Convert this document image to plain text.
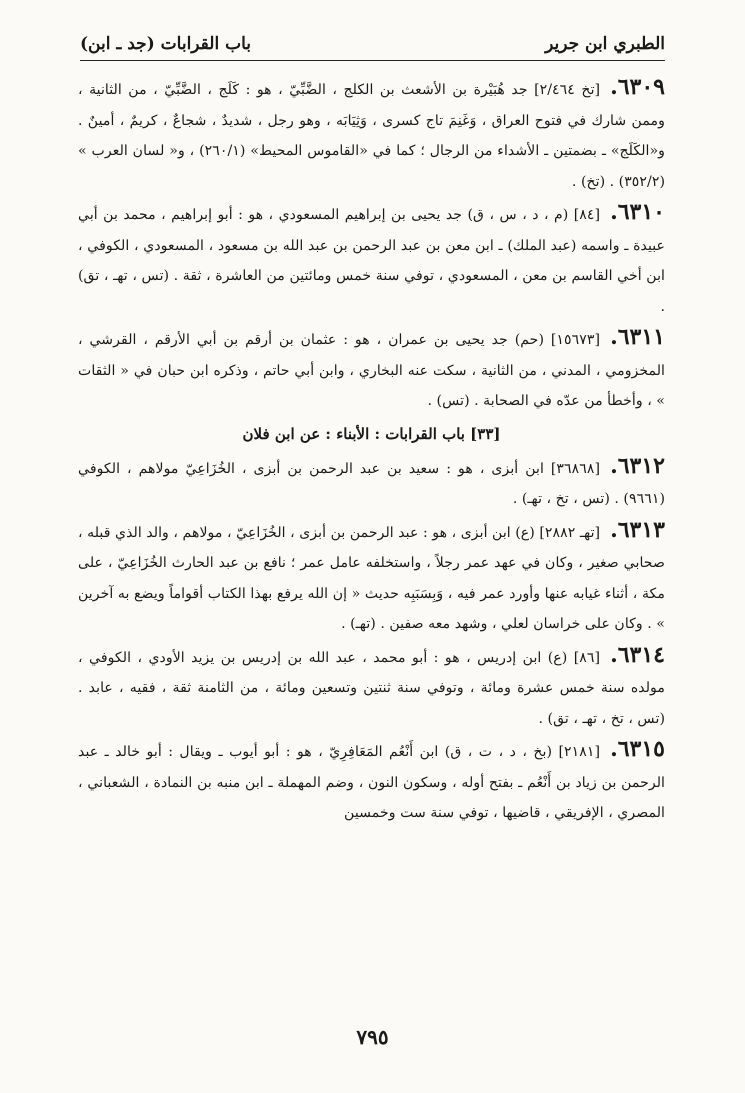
الطبري ابن جرير
باب القرابات (جد ـ ابن)

٦٣٠٩.[تخ ٢/٤٦٤] جد هُبَيْرة بن الأشعث بن الكلج ، الضَّبِّيّ ، هو : كَلَج ، الضَّبِّيّ ، من الثانية ، وممن شارك في فتوح العراق ، وَغَنِمَ تاج كسرى ، وَثِيَابَه ، وهو رجل ، شديدٌ ، شجاعٌ ، كريمٌ ، أمينٌ . و«الكَلَج» ـ بضمتين ـ الأشداء من الرجال ؛ كما في «القاموس المحيط» (٢٦٠/١) ، و« لسان العرب » (٣٥٢/٢) . (تخ) .

٦٣١٠.[٨٤] (م ، د ، س ، ق) جد يحيى بن إبراهيم المسعودي ، هو : أبو إبراهيم ، محمد بن أبي عبيدة ـ واسمه (عبد الملك) ـ ابن معن بن عبد الرحمن بن عبد الله بن مسعود ، المسعودي ، الكوفي ، ابن أخي القاسم بن معن ، المسعودي ، توفي سنة خمس ومائتين من العاشرة ، ثقة . (تس ، تهـ ، تق) .

٦٣١١.[١٥٦٧٣] (حم) جد يحيى بن عمران ، هو : عثمان بن أرقم بن أبي الأرقم ، القرشي ، المخزومي ، المدني ، من الثانية ، سكت عنه البخاري ، وابن أبي حاتم ، وذكره ابن حبان في « الثقات » ، وأخطأ من عدّه في الصحابة . (تس) .

[٣٣] باب القرابات : الأبناء : عن ابن فلان

٦٣١٢.[٣٦٨٦٨] ابن أبزى ، هو : سعيد بن عبد الرحمن بن أبزى ، الخُزَاعِيّ مولاهم ، الكوفي (٩٦٦١) . (تس ، تخ ، تهـ) .

٦٣١٣.[تهـ ٢٨٨٢] (ع) ابن أبزى ، هو : عبد الرحمن بن أبزى ، الخُزَاعِيّ ، مولاهم ، والد الذي قبله ، صحابي صغير ، وكان في عهد عمر رجلاً ، واستخلفه عامل عمر ؛ نافع بن عبد الحارث الخُزَاعِيّ ، على مكة ، أثناء غيابه عنها وأورد عمر فيه ، وَبِسَبَبِه حديث « إن الله يرفع بهذا الكتاب أقواماً ويضع به آخرين » . وكان على خراسان لعلي ، وشهد معه صفين . (تهـ) .

٦٣١٤.[٨٦] (ع) ابن إدريس ، هو : أبو محمد ، عبد الله بن إدريس بن يزيد الأودي ، الكوفي ، مولده سنة خمس عشرة ومائة ، وتوفي سنة ثنتين وتسعين ومائة ، من الثامنة ثقة ، فقيه ، عابد . (تس ، تخ ، تهـ ، تق) .

٦٣١٥.[٢١٨١] (بخ ، د ، ت ، ق) ابن أَنْعُم المَعَافِرِيّ ، هو : أبو أيوب ـ ويقال : أبو خالد ـ عبد الرحمن بن زياد بن أَنْعُم ـ بفتح أوله ، وسكون النون ، وضم المهملة ـ ابن منبه بن النمادة ، الشعباني ، المصري ، الإفريقي ، قاضيها ، توفي سنة ست وخمسين

٧٩٥
